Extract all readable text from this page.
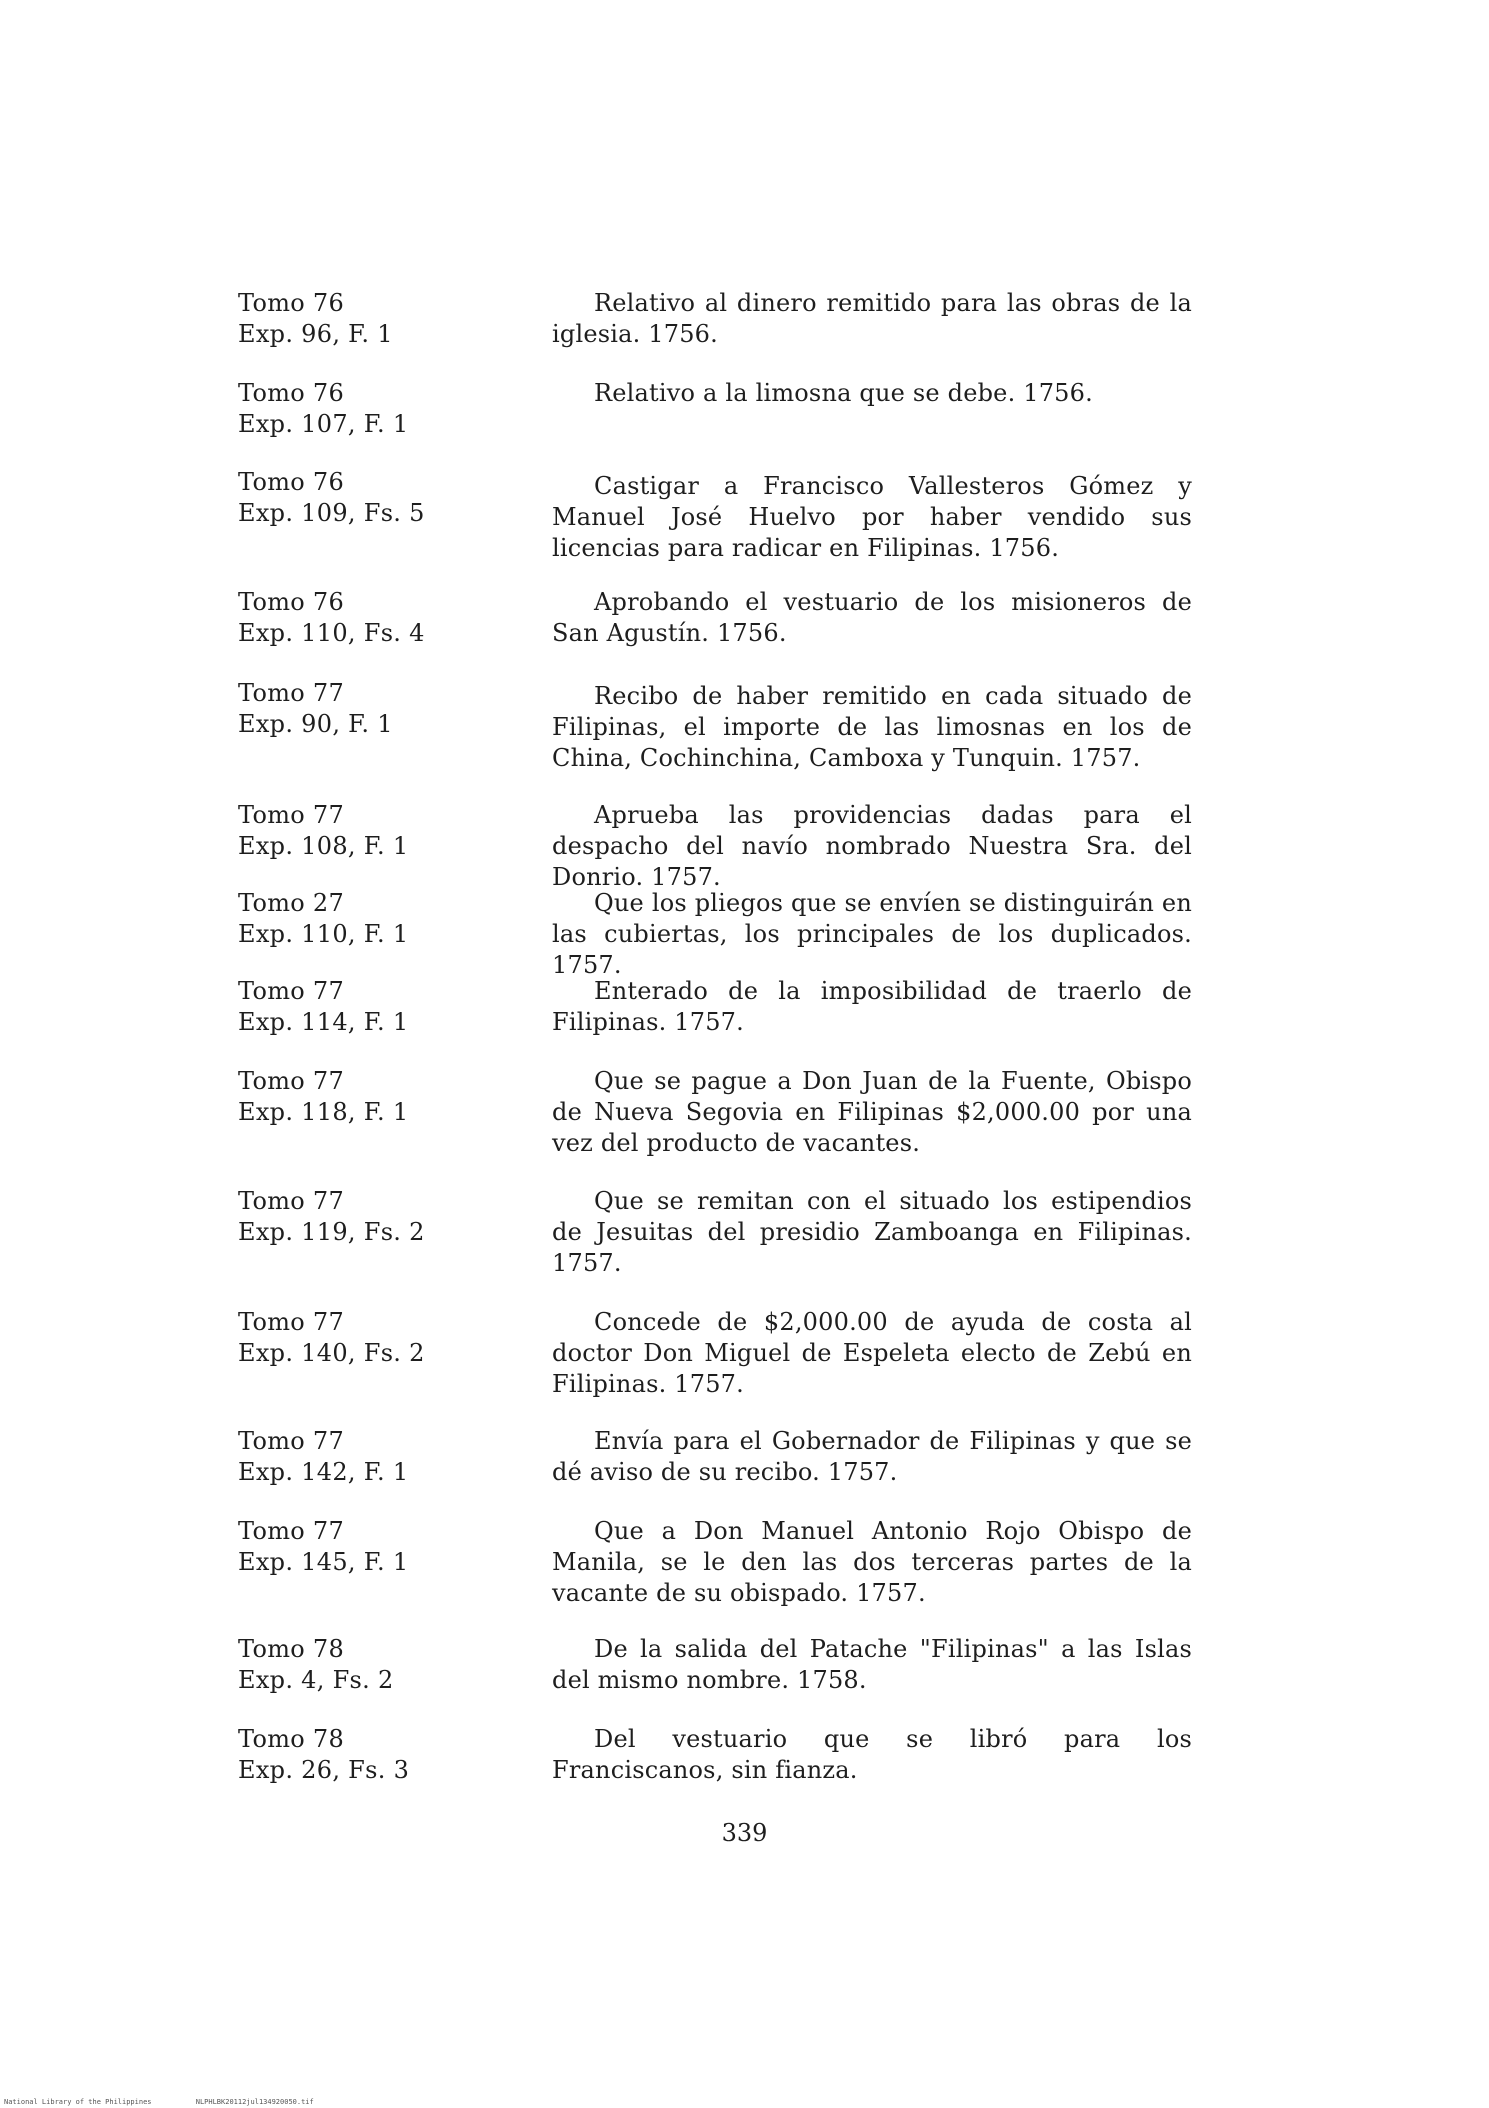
Tomo 76
Exp. 96, F. 1
Relativo al dinero remitido para las obras de la iglesia. 1756.
Tomo 76
Exp. 107, F. 1
Relativo a la limosna que se debe. 1756.
Tomo 76
Exp. 109, Fs. 5
Castigar a Francisco Vallesteros Gómez y Manuel José Huelvo por haber vendido sus licencias para radicar en Filipinas. 1756.
Tomo 76
Exp. 110, Fs. 4
Aprobando el vestuario de los misioneros de San Agustín. 1756.
Tomo 77
Exp. 90, F. 1
Recibo de haber remitido en cada situado de Filipinas, el importe de las limosnas en los de China, Cochinchina, Camboxa y Tunquin. 1757.
Tomo 77
Exp. 108, F. 1
Aprueba las providencias dadas para el despacho del navío nombrado Nuestra Sra. del Donrio. 1757.
Tomo 27
Exp. 110, F. 1
Que los pliegos que se envíen se distinguirán en las cubiertas, los principales de los duplicados. 1757.
Tomo 77
Exp. 114, F. 1
Enterado de la imposibilidad de traerlo de Filipinas. 1757.
Tomo 77
Exp. 118, F. 1
Que se pague a Don Juan de la Fuente, Obispo de Nueva Segovia en Filipinas $2,000.00 por una vez del producto de vacantes.
Tomo 77
Exp. 119, Fs. 2
Que se remitan con el situado los estipendios de Jesuitas del presidio Zamboanga en Filipinas. 1757.
Tomo 77
Exp. 140, Fs. 2
Concede de $2,000.00 de ayuda de costa al doctor Don Miguel de Espeleta electo de Zebú en Filipinas. 1757.
Tomo 77
Exp. 142, F. 1
Envía para el Gobernador de Filipinas y que se dé aviso de su recibo. 1757.
Tomo 77
Exp. 145, F. 1
Que a Don Manuel Antonio Rojo Obispo de Manila, se le den las dos terceras partes de la vacante de su obispado. 1757.
Tomo 78
Exp. 4, Fs. 2
De la salida del Patache "Filipinas" a las Islas del mismo nombre. 1758.
Tomo 78
Exp. 26, Fs. 3
Del vestuario que se libró para los Franciscanos, sin fianza.
339
National Library of the Philippines	NLPHLBK20112jul134920050.tif
